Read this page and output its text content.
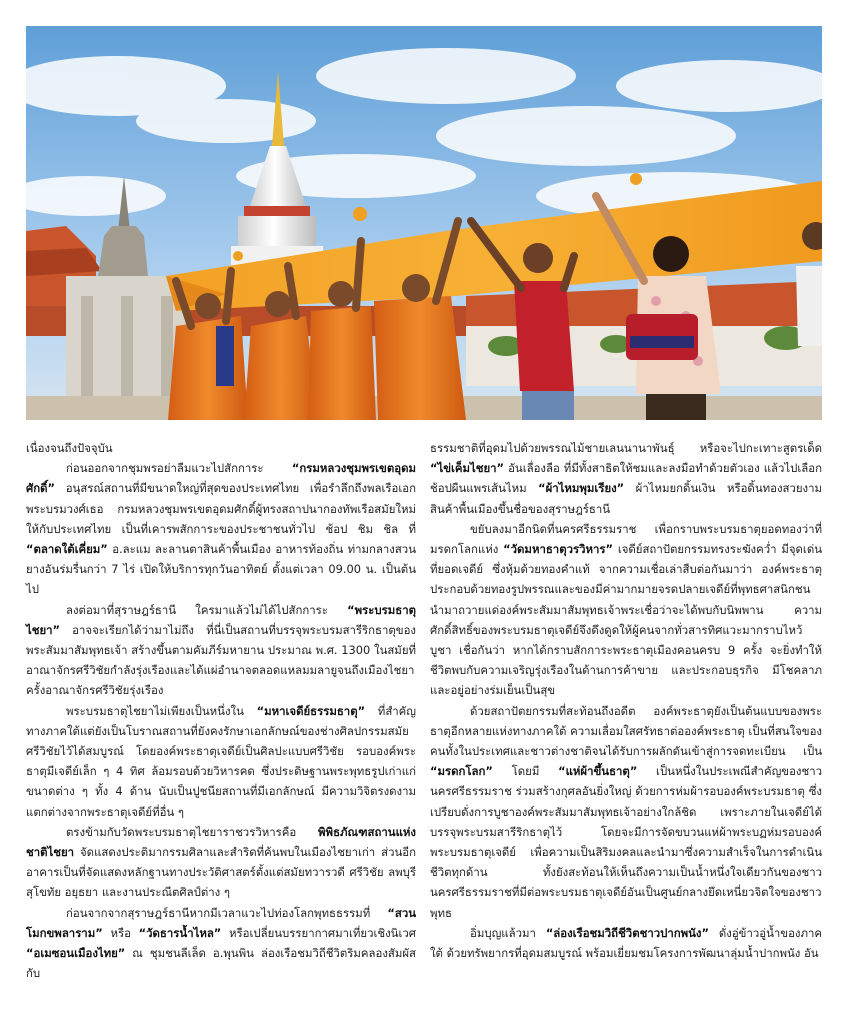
เนื่องจนถึงปัจจุบัน

ก่อนออกจากชุมพรอย่าลืมแวะไปสักการะ “กรมหลวงชุมพรเขตอุดมศักดิ์” อนุสรณ์สถานที่มีขนาดใหญ่ที่สุดของประเทศไทย เพื่อรำลึกถึงพลเรือเอกพระบรมวงศ์เธอ กรมหลวงชุมพรเขตอุดมศักดิ์ผู้ทรงสถาปนากองทัพเรือสมัยใหม่ให้กับประเทศไทย เป็นที่เคารพสักการะของประชาชนทั่วไป ช้อป ชิม ชิล ที่ “ตลาดใต้เคี่ยม” อ.ละแม ละลานตาสินค้าพื้นเมือง อาหารท้องถิ่น ท่ามกลางสวนยางอันร่มรื่นกว่า 7 ไร่ เปิดให้บริการทุกวันอาทิตย์ ตั้งแต่เวลา 09.00 น. เป็นต้นไป

ลงต่อมาที่สุราษฎร์ธานี ใครมาแล้วไม่ได้ไปสักการะ “พระบรมธาตุไชยา” อาจจะเรียกได้ว่ามาไม่ถึง ที่นี่เป็นสถานที่บรรจุพระบรมสารีริกธาตุของพระสัมมาสัมพุทธเจ้า สร้างขึ้นตามคัมภีร์มหายาน ประมาณ พ.ศ. 1300 ในสมัยที่อาณาจักรศรีวิชัยกำลังรุ่งเรืองและได้แผ่อำนาจตลอดแหลมมลายูจนถึงเมืองไชยา ครั้งอาณาจักรศรีวิชัยรุ่งเรือง

พระบรมธาตุไชยาไม่เพียงเป็นหนึ่งใน “มหาเจดีย์ธรรมธาตุ” ที่สำคัญทางภาคใต้แต่ยังเป็นโบราณสถานที่ยังคงรักษาเอกลักษณ์ของช่างศิลปกรรมสมัยศรีวิชัยไว้ได้สมบูรณ์ โดยองค์พระธาตุเจดีย์เป็นศิลปะแบบศรีวิชัย รอบองค์พระธาตุมีเจดีย์เล็ก ๆ 4 ทิศ ล้อมรอบด้วยวิหารคด ซึ่งประดิษฐานพระพุทธรูปเก่าแก่ขนาดต่าง ๆ ทั้ง 4 ด้าน นับเป็นปูชนียสถานที่มีเอกลักษณ์ มีความวิจิตรงดงามแตกต่างจากพระธาตุเจดีย์ที่อื่น ๆ

ตรงข้ามกับวัดพระบรมธาตุไชยาราชวรวิหารคือ พิพิธภัณฑสถานแห่งชาติไชยา จัดแสดงประติมากรรมศิลาและสำริดที่ค้นพบในเมืองไชยาเก่า ส่วนอีกอาคารเป็นที่จัดแสดงหลักฐานทางประวัติศาสตร์ตั้งแต่สมัยทวารวดี ศรีวิชัย ลพบุรี สุโขทัย อยุธยา และงานประณีตศิลป์ต่าง ๆ

ก่อนจากจากสุราษฎร์ธานีหากมีเวลาแวะไปท่องโลกพุทธธรรมที่ “สวนโมกขพลาราม” หรือ “วัดธารน้ำไหล” หรือเปลี่ยนบรรยากาศมาเที่ยวเชิงนิเวศ “อเมซอนเมืองไทย” ณ ชุมชนลีเล็ด อ.พุนพิน ล่องเรือชมวิถีชีวิตริมคลองสัมผัสกับ

ธรรมชาติที่อุดมไปด้วยพรรณไม้ชายเลนนานาพันธุ์ หรือจะไปกะเทาะสูตรเด็ด “ไข่เค็มไชยา” อันเลื่องลือ ที่มีทั้งสาธิตให้ชมและลงมือทำด้วยตัวเอง แล้วไปเลือกช้อปผืนแพรเส้นไหม “ผ้าไหมพุมเรียง” ผ้าไหมยกดิ้นเงิน หรือดิ้นทองสวยงาม สินค้าพื้นเมืองขึ้นชื่อของสุราษฎร์ธานี

ขยับลงมาอีกนิดที่นครศรีธรรมราช เพื่อกราบพระบรมธาตุยอดทองว่าที่มรดกโลกแห่ง “วัดมหาธาตุวรวิหาร” เจดีย์สถาปัตยกรรมทรงระฆังคว่ำ มีจุดเด่นที่ยอดเจดีย์ ซึ่งหุ้มด้วยทองคำแท้ จากความเชื่อเล่าสืบต่อกันมาว่า องค์พระธาตุประกอบด้วยทองรูปพรรณและของมีค่ามากมายจรดปลายเจดีย์ที่พุทธศาสนิกชนนำมาถวายแด่องค์พระสัมมาสัมพุทธเจ้าพระเชื่อว่าจะได้พบกับนิพพาน ความศักดิ์สิทธิ์ของพระบรมธาตุเจดีย์จึงดึงดูดให้ผู้คนจากทั่วสารทิศแวะมากราบไหว้บูชา เชื่อกันว่า หากได้กราบสักการะพระธาตุเมืองคอนครบ 9 ครั้ง จะยิ่งทำให้ชีวิตพบกับความเจริญรุ่งเรืองในด้านการค้าขาย และประกอบธุรกิจ มีโชคลาภ และอยู่อย่างร่มเย็นเป็นสุข

ด้วยสถาปัตยกรรมที่สะท้อนถึงอดีต องค์พระธาตุยังเป็นต้นแบบของพระธาตุอีกหลายแห่งทางภาคใต้ ความเลื่อมใสศรัทธาต่อองค์พระธาตุ เป็นที่สนใจของคนทั้งในประเทศและชาวต่างชาติจนได้รับการผลักดันเข้าสู่การจดทะเบียน เป็น “มรดกโลก” โดยมี “แห่ผ้าขึ้นธาตุ” เป็นหนึ่งในประเพณีสำคัญของชาวนครศรีธรรมราช ร่วมสร้างกุศลอันยิ่งใหญ่ ด้วยการห่มผ้ารอบองค์พระบรมธาตุ ซึ่งเปรียบดั่งการบูชาองค์พระสัมมาสัมพุทธเจ้าอย่างใกล้ชิด เพราะภายในเจดีย์ได้บรรจุพระบรมสารีริกธาตุไว้ โดยจะมีการจัดขบวนแห่ผ้าพระบฏห่มรอบองค์พระบรมธาตุเจดีย์ เพื่อความเป็นสิริมงคลและนำมาซึ่งความสำเร็จในการดำเนินชีวิตทุกด้าน ทั้งยังสะท้อนให้เห็นถึงความเป็นน้ำหนึ่งใจเดียวกันของชาวนครศรีธรรมราชที่มีต่อพระบรมธาตุเจดีย์อันเป็นศูนย์กลางยึดเหนี่ยวจิตใจของชาวพุทธ

อิ่มบุญแล้วมา “ล่องเรือชมวิถีชีวิตชาวปากพนัง” ดั่งอู่ข้าวอู่น้ำของภาคใต้ ด้วยทรัพยากรที่อุดมสมบูรณ์ พร้อมเยี่ยมชมโครงการพัฒนาลุ่มน้ำปากพนัง อัน
